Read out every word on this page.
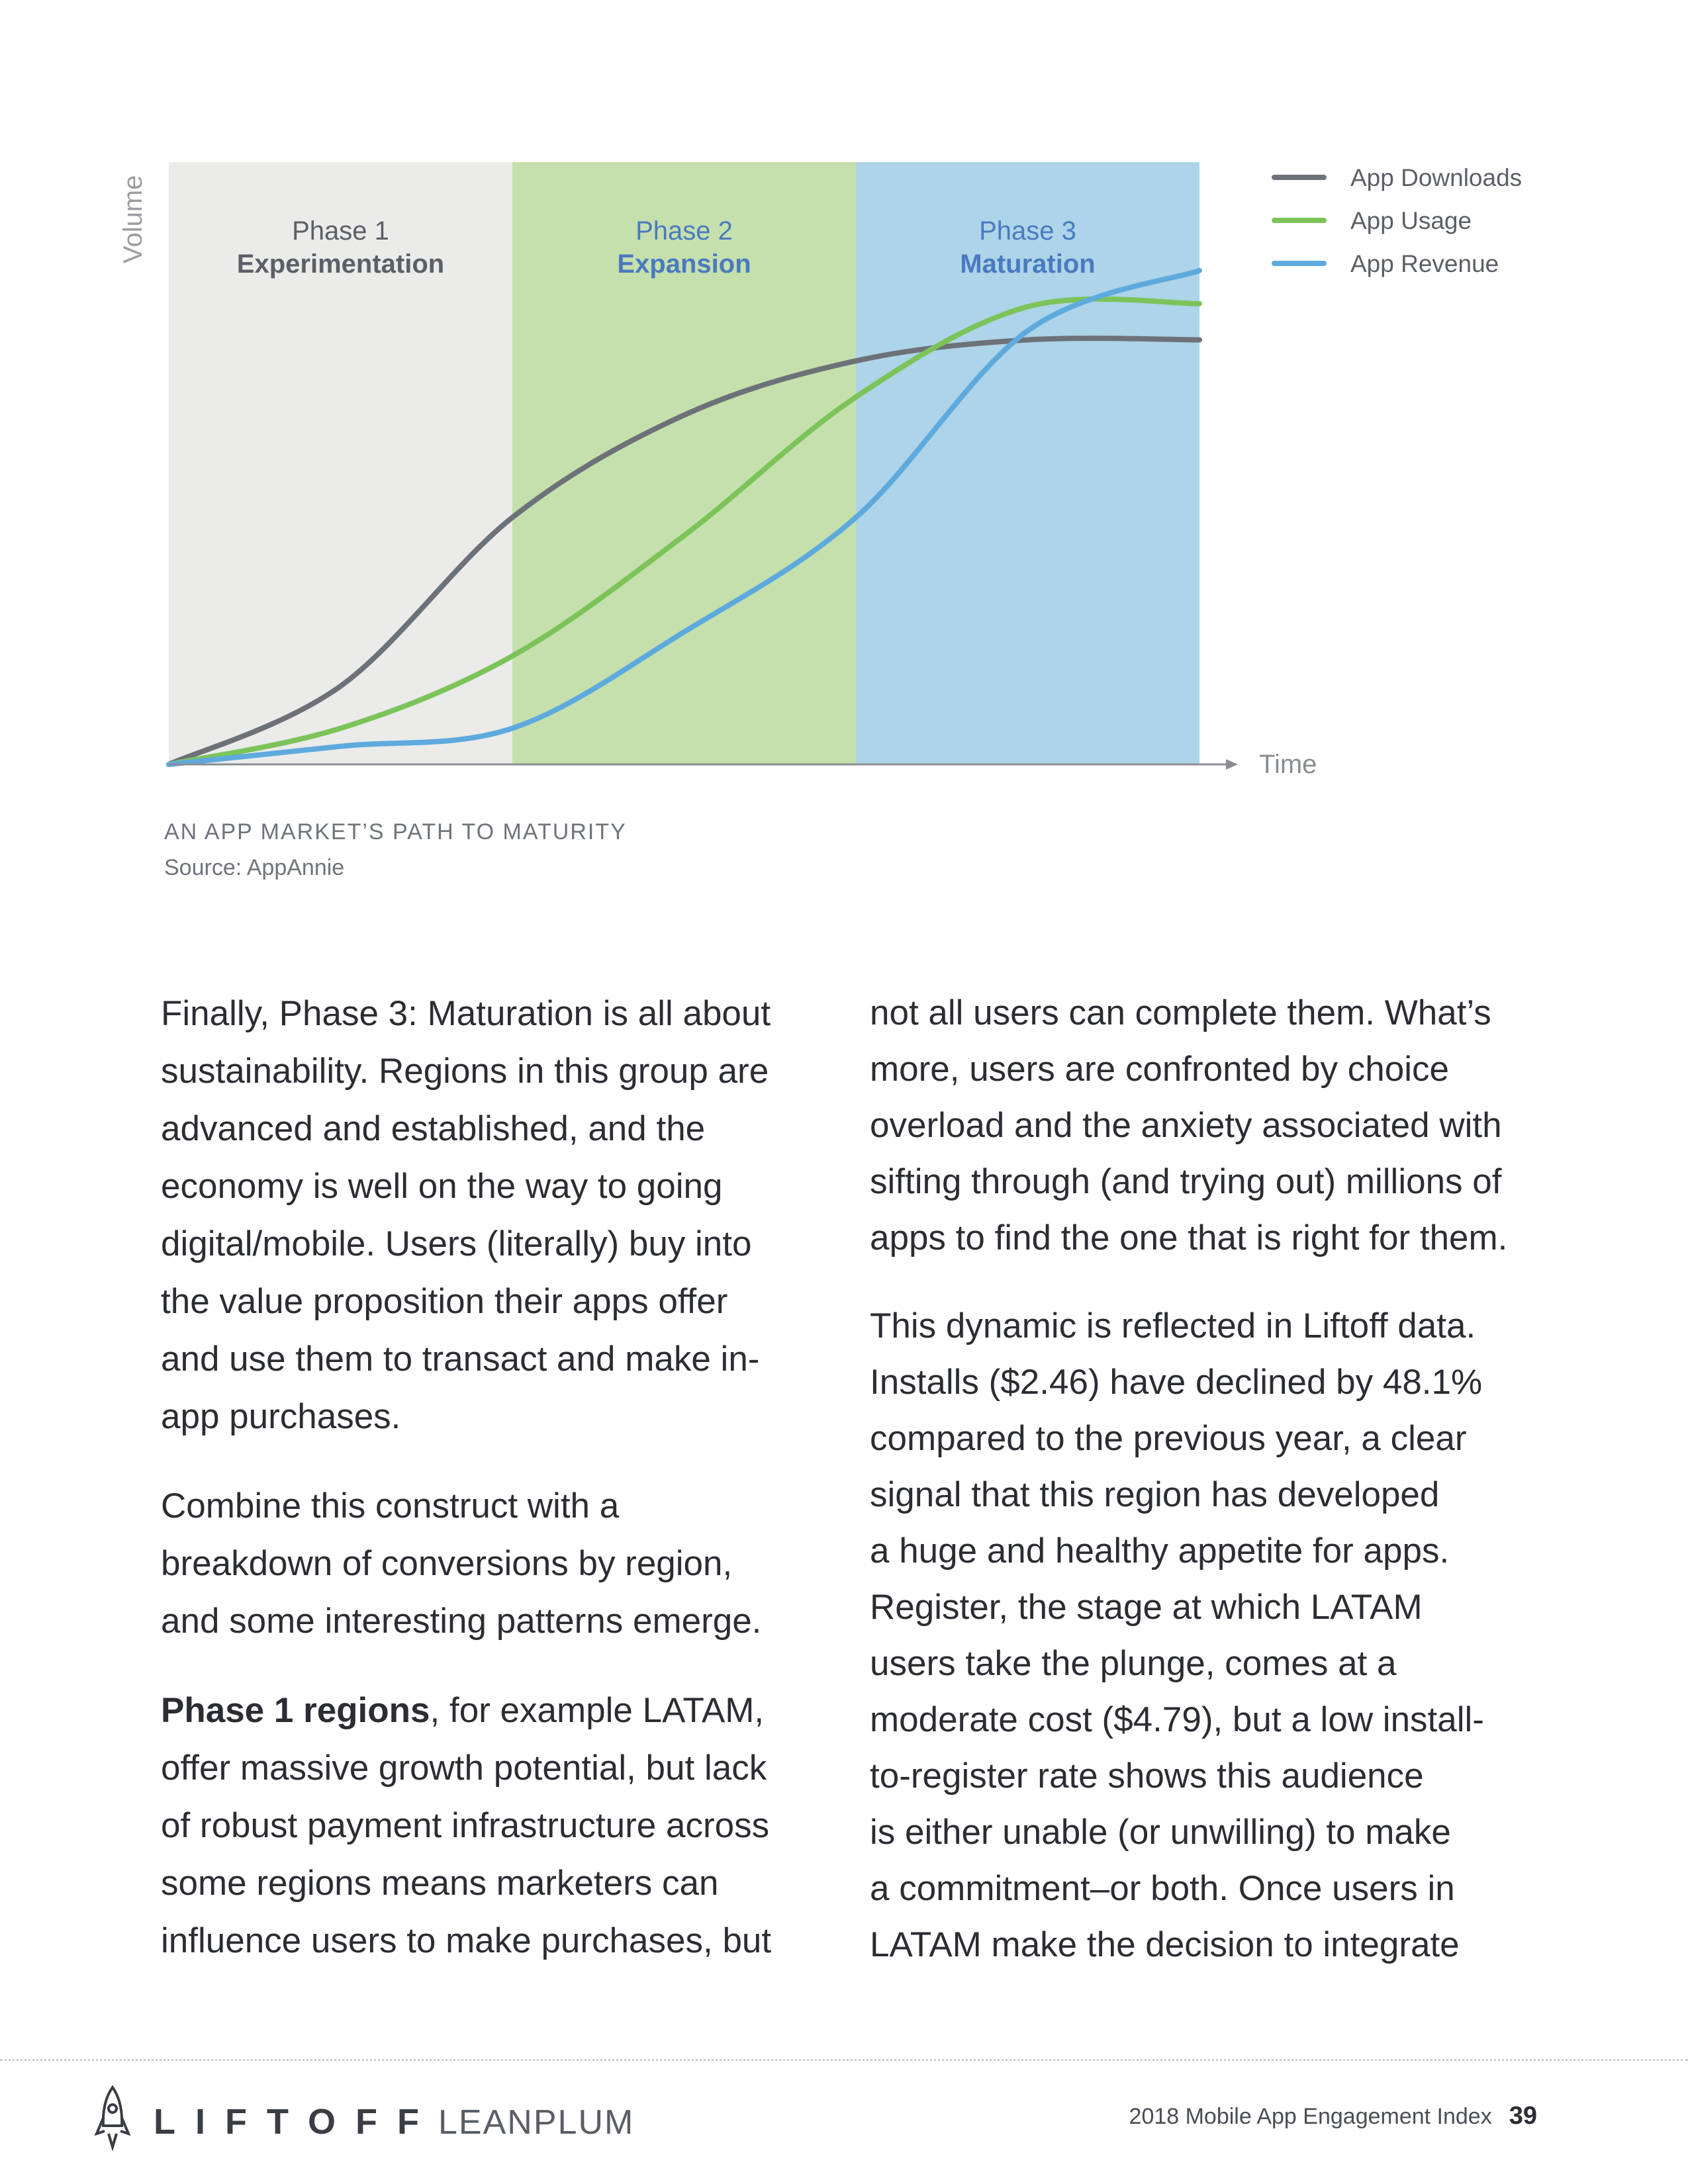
Phase 1
Experimentation
Phase 2
Expansion
Phase 3
Maturation
Time
Volume	App Downloads
App Usage
App Revenue
AN APP MARKET’S PATH TO MATURITY
Source: AppAnnie

Finally, Phase 3: Maturation is all about
sustainability. Regions in this group are
advanced and established, and the
economy is well on the way to going
digital/mobile. Users (literally) buy into
the value proposition their apps offer
and use them to transact and make in-
app purchases.

Combine this construct with a
breakdown of conversions by region,
and some interesting patterns emerge.

Phase 1 regions, for example LATAM,
offer massive growth potential, but lack
of robust payment infrastructure across
some regions means marketers can
influence users to make purchases, but

not all users can complete them. What’s
more, users are confronted by choice
overload and the anxiety associated with
sifting through (and trying out) millions of
apps to find the one that is right for them.

This dynamic is reflected in Liftoff data.
Installs ($2.46) have declined by 48.1%
compared to the previous year, a clear
signal that this region has developed
a huge and healthy appetite for apps.
Register, the stage at which LATAM
users take the plunge, comes at a
moderate cost ($4.79), but a low install-
to-register rate shows this audience
is either unable (or unwilling) to make
a commitment–or both. Once users in
LATAM make the decision to integrate

LIFTOFF LEANPLUM	2018 Mobile App Engagement Index 39
